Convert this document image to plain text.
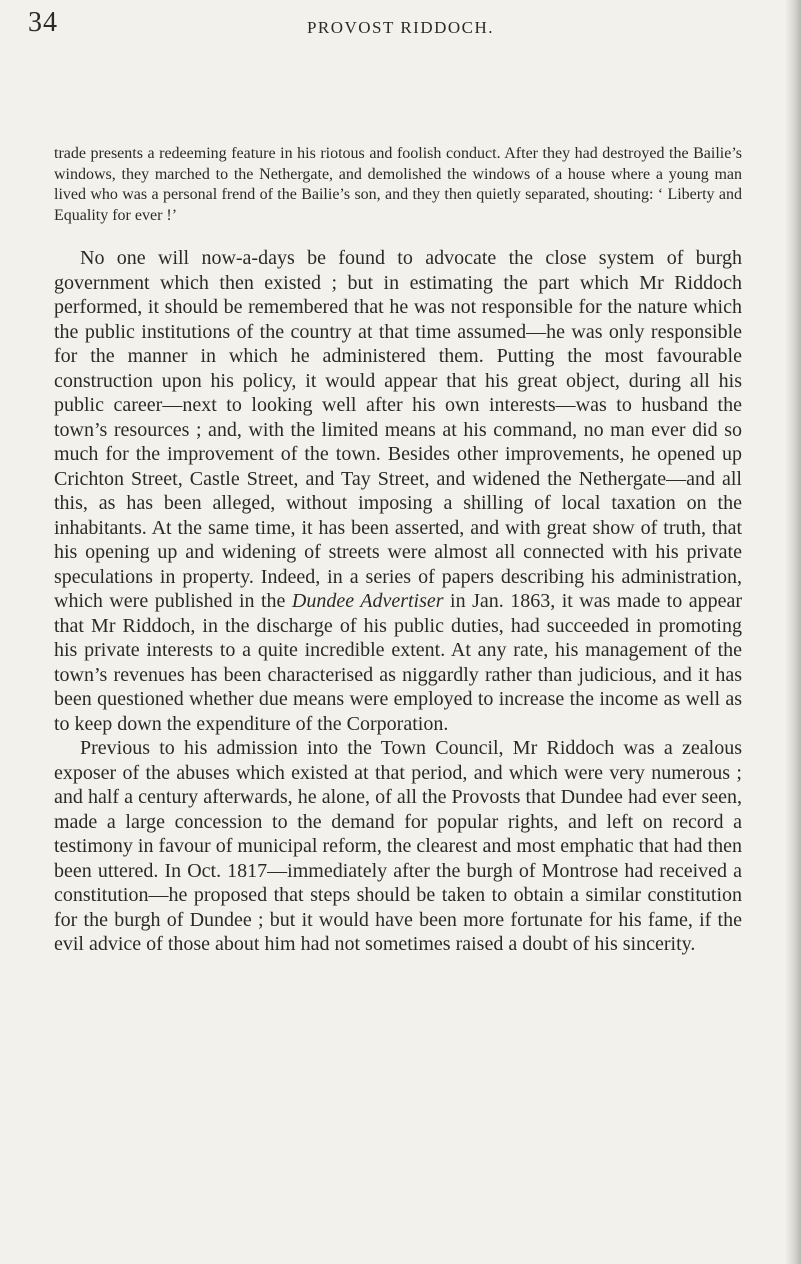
34	PROVOST RIDDOCH.

trade presents a redeeming feature in his riotous and foolish conduct. After they had destroyed the Bailie’s windows, they marched to the Nethergate, and demolished the windows of a house where a young man lived who was a personal frend of the Bailie’s son, and they then quietly separated, shouting: ‘ Liberty and Equality for ever !’

No one will now-a-days be found to advocate the close system of burgh government which then existed ; but in estimating the part which Mr Riddoch performed, it should be remembered that he was not responsible for the nature which the public institutions of the country at that time assumed—he was only responsible for the manner in which he administered them. Putting the most favourable construction upon his policy, it would appear that his great object, during all his public career—next to looking well after his own interests—was to husband the town’s resources ; and, with the limited means at his command, no man ever did so much for the improvement of the town. Besides other improvements, he opened up Crichton Street, Castle Street, and Tay Street, and widened the Nethergate—and all this, as has been alleged, without imposing a shilling of local taxation on the inhabitants. At the same time, it has been asserted, and with great show of truth, that his opening up and widening of streets were almost all connected with his private speculations in property. Indeed, in a series of papers describing his administration, which were published in the Dundee Advertiser in Jan. 1863, it was made to appear that Mr Riddoch, in the discharge of his public duties, had succeeded in promoting his private interests to a quite incredible extent. At any rate, his management of the town’s revenues has been characterised as niggardly rather than judicious, and it has been questioned whether due means were employed to increase the income as well as to keep down the expenditure of the Corporation.

Previous to his admission into the Town Council, Mr Riddoch was a zealous exposer of the abuses which existed at that period, and which were very numerous ; and half a century afterwards, he alone, of all the Provosts that Dundee had ever seen, made a large concession to the demand for popular rights, and left on record a testimony in favour of municipal reform, the clearest and most emphatic that had then been uttered. In Oct. 1817—immediately after the burgh of Montrose had received a constitution—he proposed that steps should be taken to obtain a similar constitution for the burgh of Dundee ; but it would have been more fortunate for his fame, if the evil advice of those about him had not sometimes raised a doubt of his sincerity.
